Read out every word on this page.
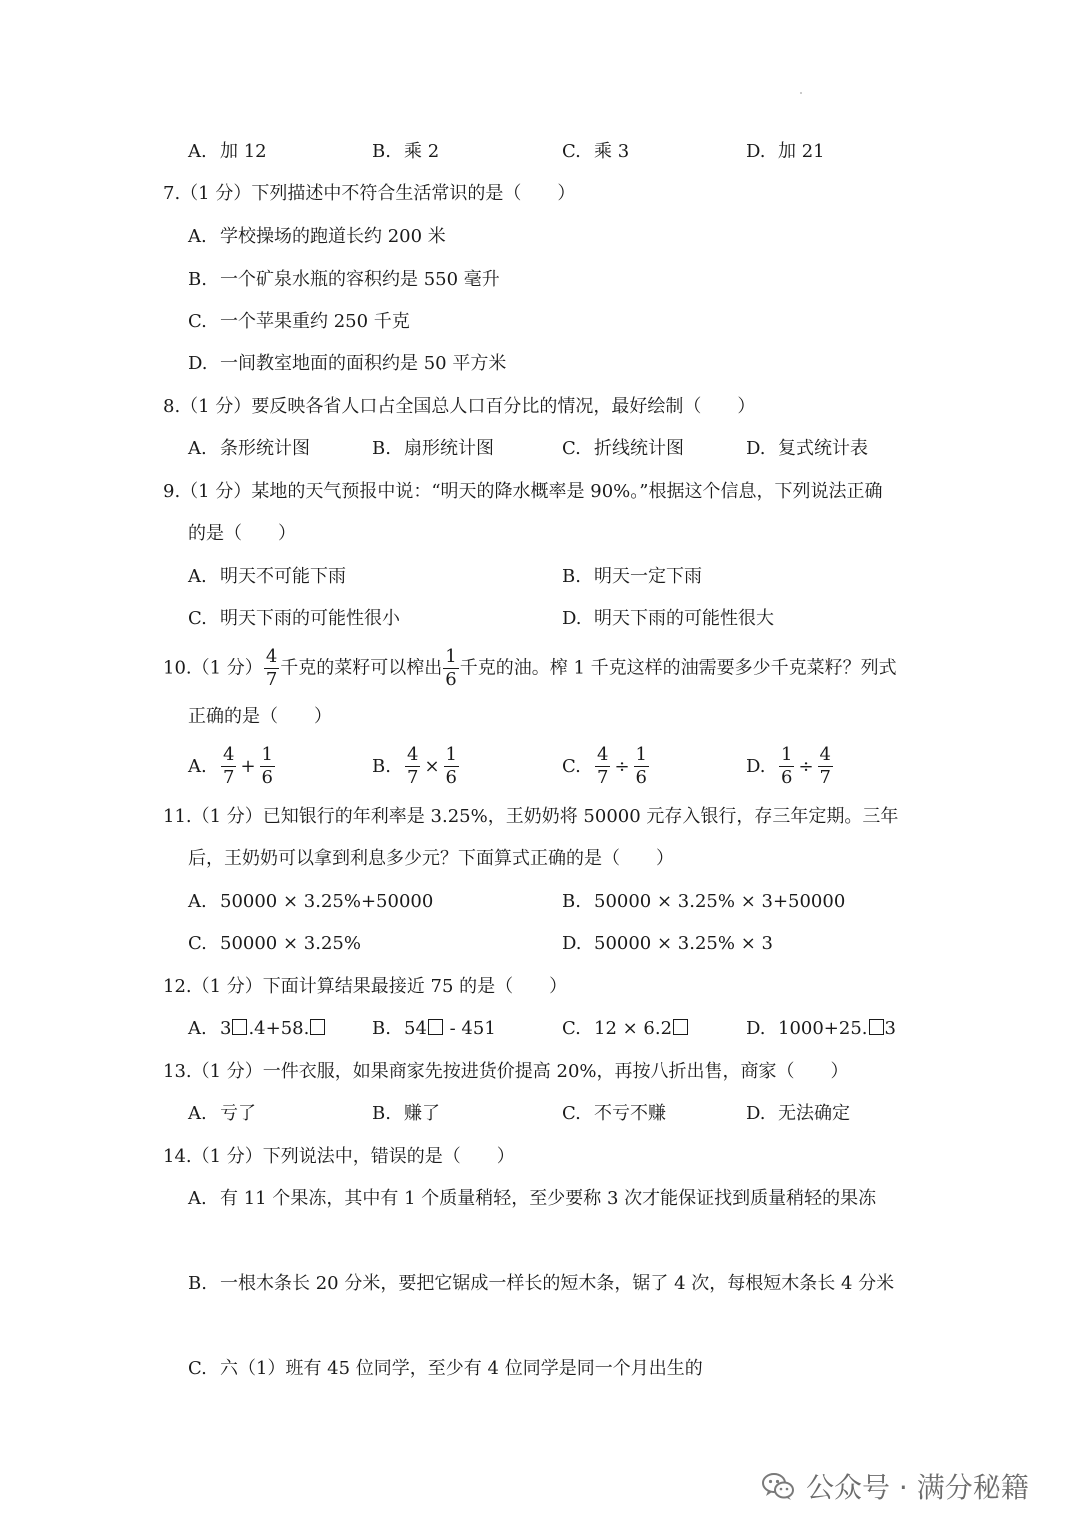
A. 加 12	B. 乘 2	C. 乘 3	D. 加 21
7.（1 分）下列描述中不符合生活常识的是（　　）
A. 学校操场的跑道长约 200 米
B. 一个矿泉水瓶的容积约是 550 毫升
C. 一个苹果重约 250 千克
D. 一间教室地面的面积约是 50 平方米
8.（1 分）要反映各省人口占全国总人口百分比的情况，最好绘制（　　）
A. 条形统计图	B. 扇形统计图	C. 折线统计图	D. 复式统计表
9.（1 分）某地的天气预报中说：“明天的降水概率是 90%。”根据这个信息，下列说法正确
的是（　　）
A. 明天不可能下雨	B. 明天一定下雨
C. 明天下雨的可能性很小	D. 明天下雨的可能性很大
10.（1 分） $\frac{4}{7}$ 千克的菜籽可以榨出 $\frac{1}{6}$ 千克的油。榨 1 千克这样的油需要多少千克菜籽？列式
正确的是（　　）
A. $\frac{4}{7} + \frac{1}{6}$	B. $\frac{4}{7} \times \frac{1}{6}$	C. $\frac{4}{7} \div \frac{1}{6}$	D. $\frac{1}{6} \div \frac{4}{7}$
11.（1 分）已知银行的年利率是 3.25%，王奶奶将 50000 元存入银行，存三年定期。三年
后，王奶奶可以拿到利息多少元？下面算式正确的是（　　）
A. 50000 × 3.25%+50000	B. 50000 × 3.25% × 3+50000
C. 50000 × 3.25%	D. 50000 × 3.25% × 3
12.（1 分）下面计算结果最接近 75 的是（　　）
A. 3 .4+58.	B. 54 - 451	C. 12 × 6.2	D. 1000+25. 3
13.（1 分）一件衣服，如果商家先按进货价提高 20%，再按八折出售，商家（　　）
A. 亏了	B. 赚了	C. 不亏不赚	D. 无法确定
14.（1 分）下列说法中，错误的是（　　）
A. 有 11 个果冻，其中有 1 个质量稍轻，至少要称 3 次才能保证找到质量稍轻的果冻
B. 一根木条长 20 分米，要把它锯成一样长的短木条，锯了 4 次，每根短木条长 4 分米
C. 六（1）班有 45 位同学，至少有 4 位同学是同一个月出生的
公众号 · 满分秘籍
